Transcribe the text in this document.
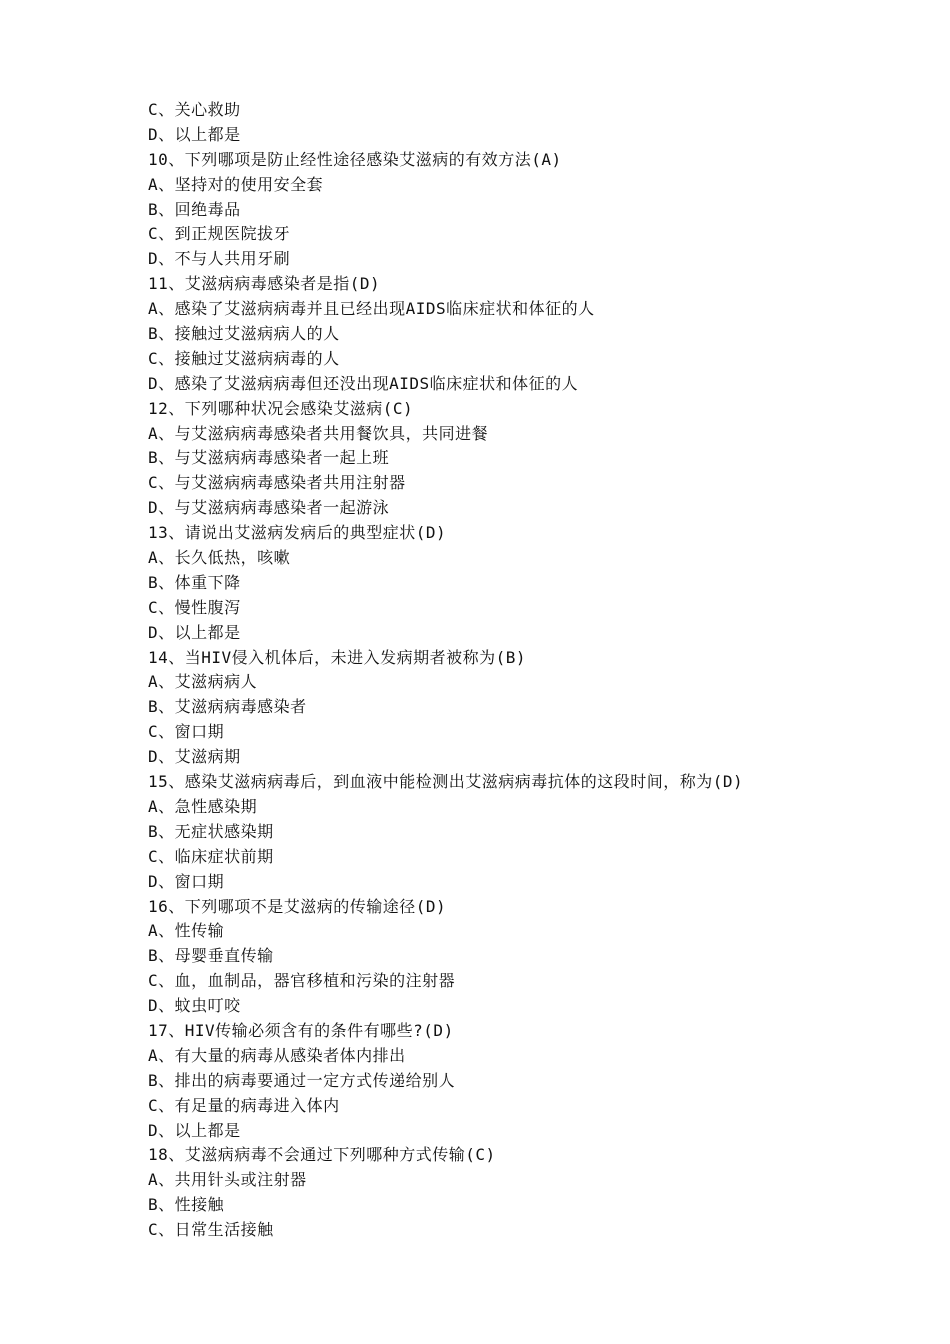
C、关心救助
D、以上都是
10、下列哪项是防止经性途径感染艾滋病的有效方法(A)
A、坚持对的使用安全套
B、回绝毒品
C、到正规医院拔牙
D、不与人共用牙刷
11、艾滋病病毒感染者是指(D)
A、感染了艾滋病病毒并且已经出现AIDS临床症状和体征的人
B、接触过艾滋病病人的人
C、接触过艾滋病病毒的人
D、感染了艾滋病病毒但还没出现AIDS临床症状和体征的人
12、下列哪种状况会感染艾滋病(C)
A、与艾滋病病毒感染者共用餐饮具，共同进餐
B、与艾滋病病毒感染者一起上班
C、与艾滋病病毒感染者共用注射器
D、与艾滋病病毒感染者一起游泳
13、请说出艾滋病发病后的典型症状(D)
A、长久低热，咳嗽
B、体重下降
C、慢性腹泻
D、以上都是
14、当HIV侵入机体后，未进入发病期者被称为(B)
A、艾滋病病人
B、艾滋病病毒感染者
C、窗口期
D、艾滋病期
15、感染艾滋病病毒后，到血液中能检测出艾滋病病毒抗体的这段时间，称为(D)
A、急性感染期
B、无症状感染期
C、临床症状前期
D、窗口期
16、下列哪项不是艾滋病的传输途径(D)
A、性传输
B、母婴垂直传输
C、血，血制品，器官移植和污染的注射器
D、蚊虫叮咬
17、HIV传输必须含有的条件有哪些?(D)
A、有大量的病毒从感染者体内排出
B、排出的病毒要通过一定方式传递给别人
C、有足量的病毒进入体内
D、以上都是
18、艾滋病病毒不会通过下列哪种方式传输(C)
A、共用针头或注射器
B、性接触
C、日常生活接触
